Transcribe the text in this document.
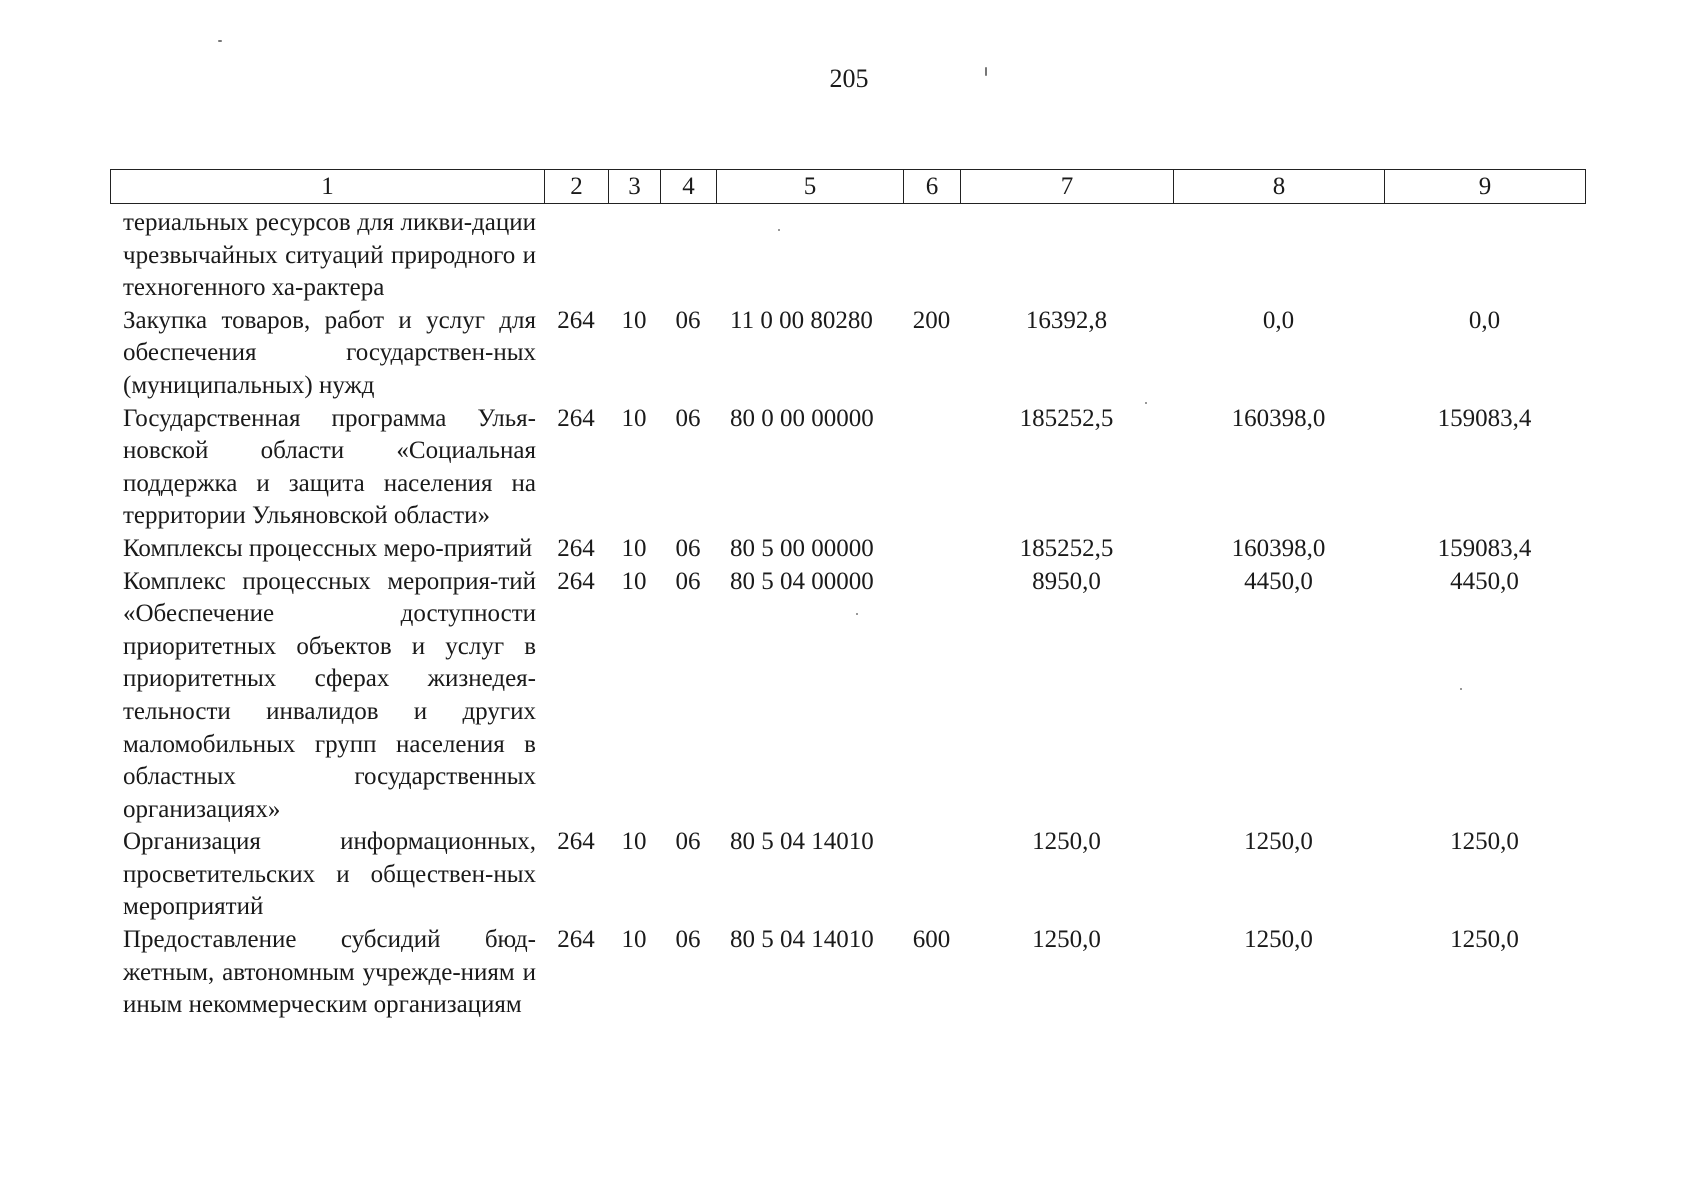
205
1	2	3	4	5	6	7	8	9
териальных ресурсов для ликви-дации чрезвычайных ситуаций природного и техногенного ха-рактера								
Закупка товаров, работ и услуг для обеспечения государствен-ных (муниципальных) нужд	264	10	06	11 0 00 80280	200	16392,8	0,0	0,0
Государственная программа Улья-новской области «Социальная поддержка и защита населения на территории Ульяновской области»	264	10	06	80 0 00 00000		185252,5	160398,0	159083,4
Комплексы процессных меро-приятий	264	10	06	80 5 00 00000		185252,5	160398,0	159083,4
Комплекс процессных мероприя-тий «Обеспечение доступности приоритетных объектов и услуг в приоритетных сферах жизнедея-тельности инвалидов и других маломобильных групп населения в областных государственных организациях»	264	10	06	80 5 04 00000		8950,0	4450,0	4450,0
Организация информационных, просветительских и обществен-ных мероприятий	264	10	06	80 5 04 14010		1250,0	1250,0	1250,0
Предоставление субсидий бюд-жетным, автономным учрежде-ниям и иным некоммерческим организациям	264	10	06	80 5 04 14010	600	1250,0	1250,0	1250,0
